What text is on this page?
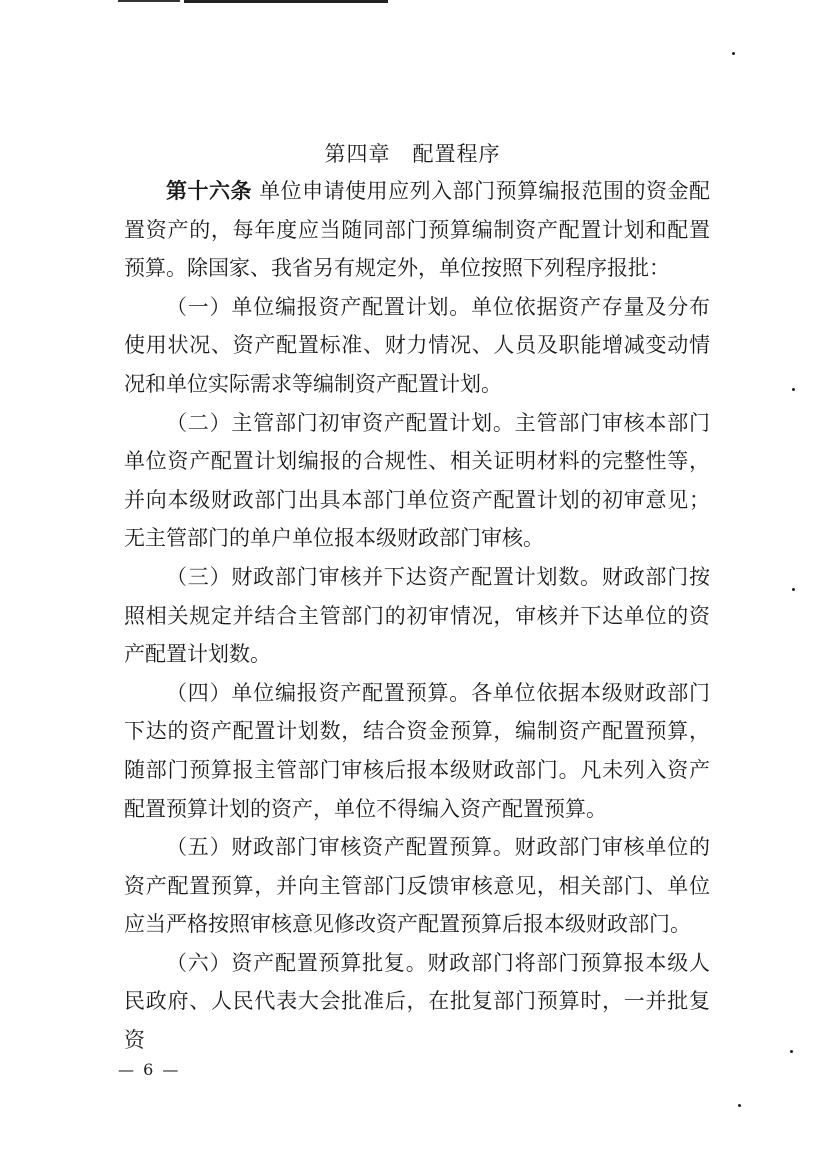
第四章　配置程序

第十六条 单位申请使用应列入部门预算编报范围的资金配置资产的，每年度应当随同部门预算编制资产配置计划和配置预算。除国家、我省另有规定外，单位按照下列程序报批：

（一）单位编报资产配置计划。单位依据资产存量及分布使用状况、资产配置标准、财力情况、人员及职能增减变动情况和单位实际需求等编制资产配置计划。

（二）主管部门初审资产配置计划。主管部门审核本部门单位资产配置计划编报的合规性、相关证明材料的完整性等，并向本级财政部门出具本部门单位资产配置计划的初审意见；无主管部门的单户单位报本级财政部门审核。

（三）财政部门审核并下达资产配置计划数。财政部门按照相关规定并结合主管部门的初审情况，审核并下达单位的资产配置计划数。

（四）单位编报资产配置预算。各单位依据本级财政部门下达的资产配置计划数，结合资金预算，编制资产配置预算，随部门预算报主管部门审核后报本级财政部门。凡未列入资产配置预算计划的资产，单位不得编入资产配置预算。

（五）财政部门审核资产配置预算。财政部门审核单位的资产配置预算，并向主管部门反馈审核意见，相关部门、单位应当严格按照审核意见修改资产配置预算后报本级财政部门。

（六）资产配置预算批复。财政部门将部门预算报本级人民政府、人民代表大会批准后，在批复部门预算时，一并批复资

— 6 —
